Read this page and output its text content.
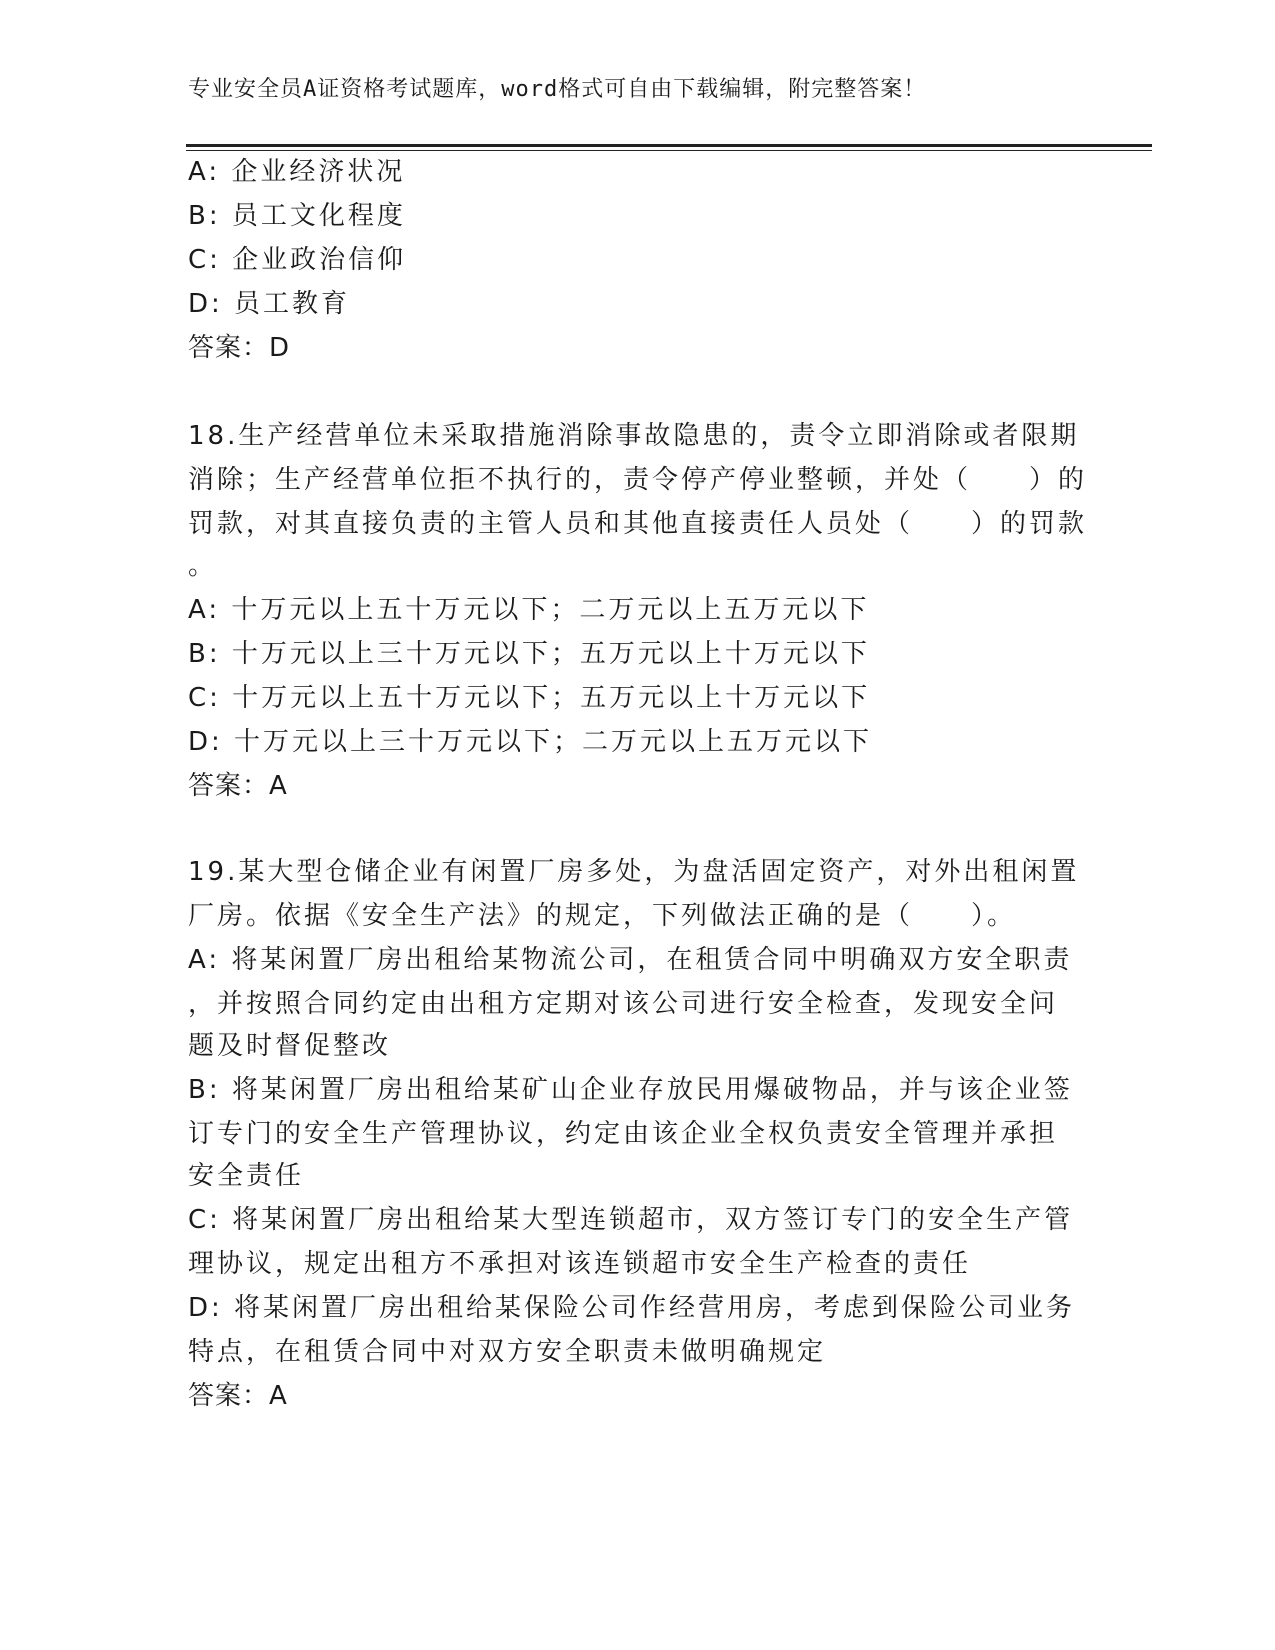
专业安全员A证资格考试题库，word格式可自由下载编辑，附完整答案！
A: 企业经济状况
B: 员工文化程度
C: 企业政治信仰
D: 员工教育
答案：D
18.生产经营单位未采取措施消除事故隐患的，责令立即消除或者限期
消除；生产经营单位拒不执行的，责令停产停业整顿，并处（　　）的
罚款，对其直接负责的主管人员和其他直接责任人员处（　　）的罚款
。
A: 十万元以上五十万元以下；二万元以上五万元以下
B: 十万元以上三十万元以下；五万元以上十万元以下
C: 十万元以上五十万元以下；五万元以上十万元以下
D: 十万元以上三十万元以下；二万元以上五万元以下
答案：A
19.某大型仓储企业有闲置厂房多处，为盘活固定资产，对外出租闲置
厂房。依据《安全生产法》的规定，下列做法正确的是（　　）。
A: 将某闲置厂房出租给某物流公司，在租赁合同中明确双方安全职责
，并按照合同约定由出租方定期对该公司进行安全检查，发现安全问
题及时督促整改
B: 将某闲置厂房出租给某矿山企业存放民用爆破物品，并与该企业签
订专门的安全生产管理协议，约定由该企业全权负责安全管理并承担
安全责任
C: 将某闲置厂房出租给某大型连锁超市，双方签订专门的安全生产管
理协议，规定出租方不承担对该连锁超市安全生产检查的责任
D: 将某闲置厂房出租给某保险公司作经营用房，考虑到保险公司业务
特点，在租赁合同中对双方安全职责未做明确规定
答案：A
